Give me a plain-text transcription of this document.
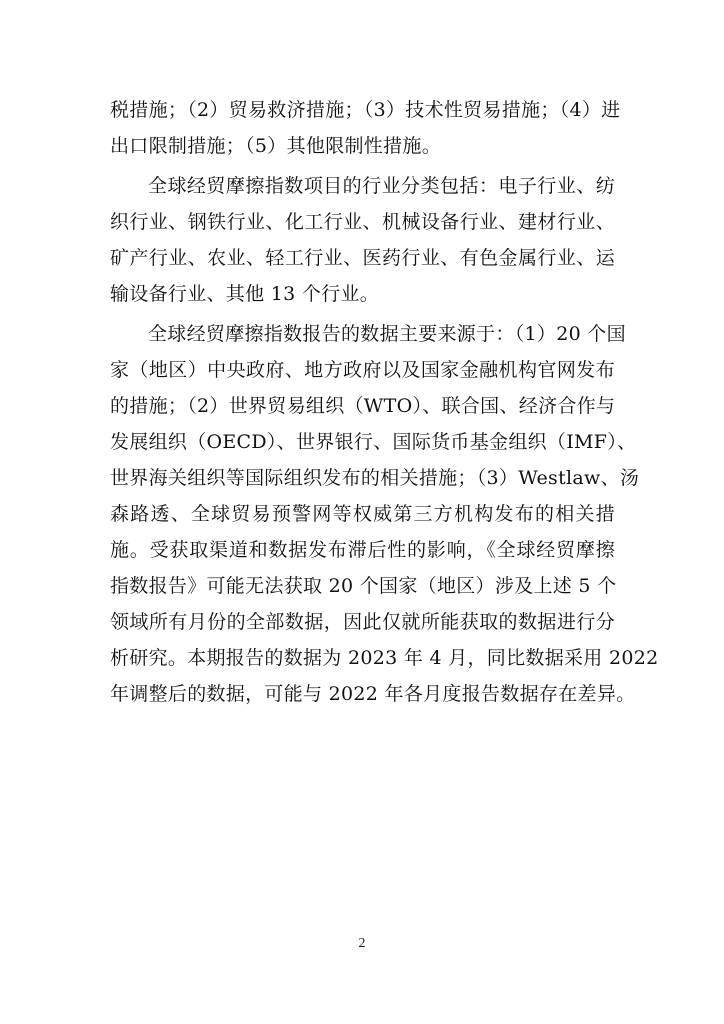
税措施；（2）贸易救济措施；（3）技术性贸易措施；（4）进
出口限制措施；（5）其他限制性措施。
全球经贸摩擦指数项目的行业分类包括：电子行业、纺
织行业、钢铁行业、化工行业、机械设备行业、建材行业、
矿产行业、农业、轻工行业、医药行业、有色金属行业、运
输设备行业、其他 13 个行业。
全球经贸摩擦指数报告的数据主要来源于：（1）20 个国
家（地区）中央政府、地方政府以及国家金融机构官网发布
的措施；（2）世界贸易组织（WTO）、联合国、经济合作与
发展组织（OECD）、世界银行、国际货币基金组织（IMF）、
世界海关组织等国际组织发布的相关措施；（3）Westlaw、汤
森路透、全球贸易预警网等权威第三方机构发布的相关措
施。受获取渠道和数据发布滞后性的影响，《全球经贸摩擦
指数报告》可能无法获取 20 个国家（地区）涉及上述 5 个
领域所有月份的全部数据，因此仅就所能获取的数据进行分
析研究。本期报告的数据为 2023 年 4 月，同比数据采用 2022
年调整后的数据，可能与 2022 年各月度报告数据存在差异。
2
